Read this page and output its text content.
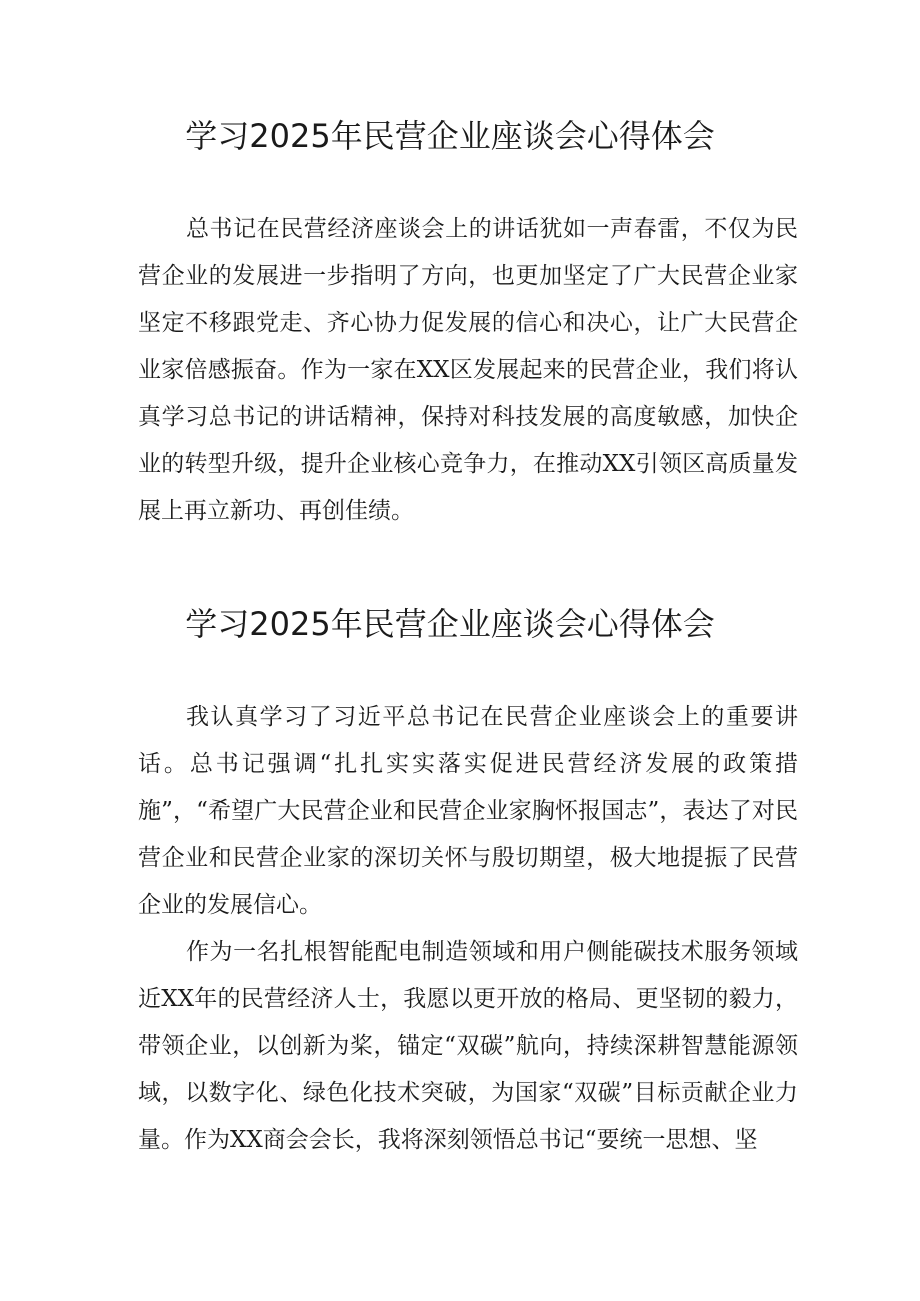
学习2025年民营企业座谈会心得体会
总书记在民营经济座谈会上的讲话犹如一声春雷，不仅为民营企业的发展进一步指明了方向，也更加坚定了广大民营企业家坚定不移跟党走、齐心协力促发展的信心和决心，让广大民营企业家倍感振奋。作为一家在XX区发展起来的民营企业，我们将认真学习总书记的讲话精神，保持对科技发展的高度敏感，加快企业的转型升级，提升企业核心竞争力，在推动XX引领区高质量发展上再立新功、再创佳绩。
学习2025年民营企业座谈会心得体会
我认真学习了习近平总书记在民营企业座谈会上的重要讲话。总书记强调“扎扎实实落实促进民营经济发展的政策措施”，“希望广大民营企业和民营企业家胸怀报国志”，表达了对民营企业和民营企业家的深切关怀与殷切期望，极大地提振了民营企业的发展信心。
作为一名扎根智能配电制造领域和用户侧能碳技术服务领域近XX年的民营经济人士，我愿以更开放的格局、更坚韧的毅力，带领企业，以创新为桨，锚定“双碳”航向，持续深耕智慧能源领域，以数字化、绿色化技术突破，为国家“双碳”目标贡献企业力量。作为XX商会会长，我将深刻领悟总书记“要统一思想、坚
